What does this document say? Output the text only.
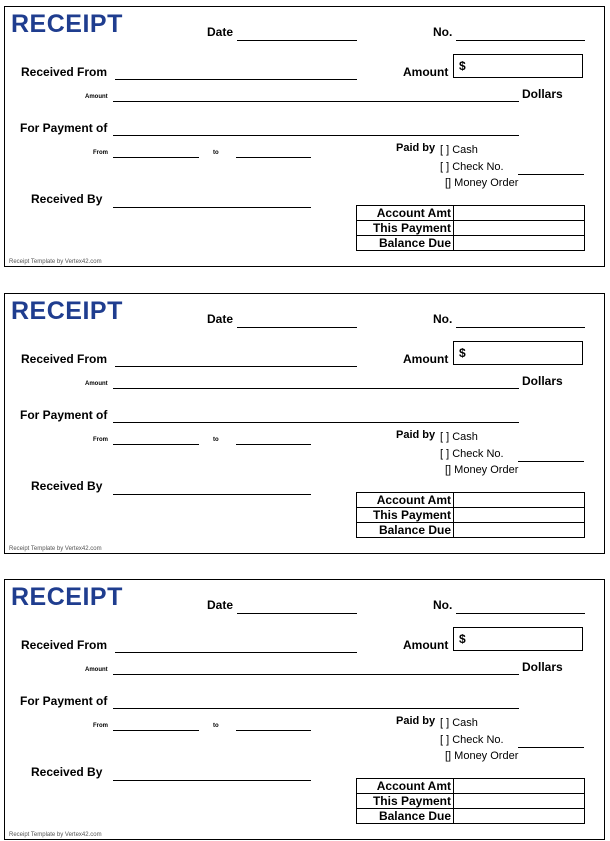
RECEIPT	Date	No.
Received From	Amount $
Amount	Dollars
For Payment of
From	to	Paid by [ ] Cash
[ ] Check No.
[] Money Order
Received By
Account Amt	
This Payment	
Balance Due	
Receipt Template by Vertex42.com
RECEIPT	Date	No.
Received From	Amount $
Amount	Dollars
For Payment of
From	to	Paid by [ ] Cash
[ ] Check No.
[] Money Order
Received By
Account Amt	
This Payment	
Balance Due	
Receipt Template by Vertex42.com
RECEIPT	Date	No.
Received From	Amount $
Amount	Dollars
For Payment of
From	to	Paid by [ ] Cash
[ ] Check No.
[] Money Order
Received By
Account Amt	
This Payment	
Balance Due	
Receipt Template by Vertex42.com
